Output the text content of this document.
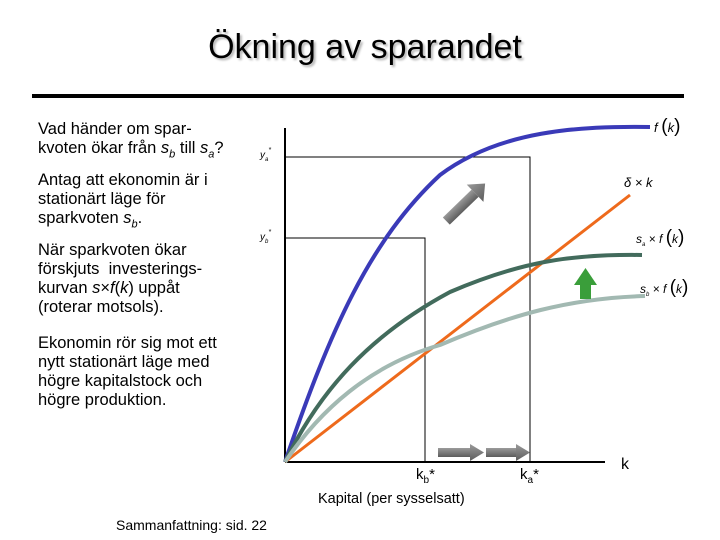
Ökning av sparandet
Vad händer om spar-
kvoten ökar från $s_b$ till $s_a$?
Antag att ekonomin är i
stationärt läge för
sparkvoten $s_b$.
När sparkvoten ökar
förskjuts  investerings-
kurvan s×f(k) uppåt
(roterar motsols).
Ekonomin rör sig mot ett
nytt stationärt läge med
högre kapitalstock och
högre produktion.
Sammanfattning: sid. 22
$y_a^*$
$y_b^*$
f (k)
δ × k
$s_a \times f$ (k)
$s_b \times f$ (k)
$k_b*$	$k_a*$
k
Kapital (per sysselsatt)
